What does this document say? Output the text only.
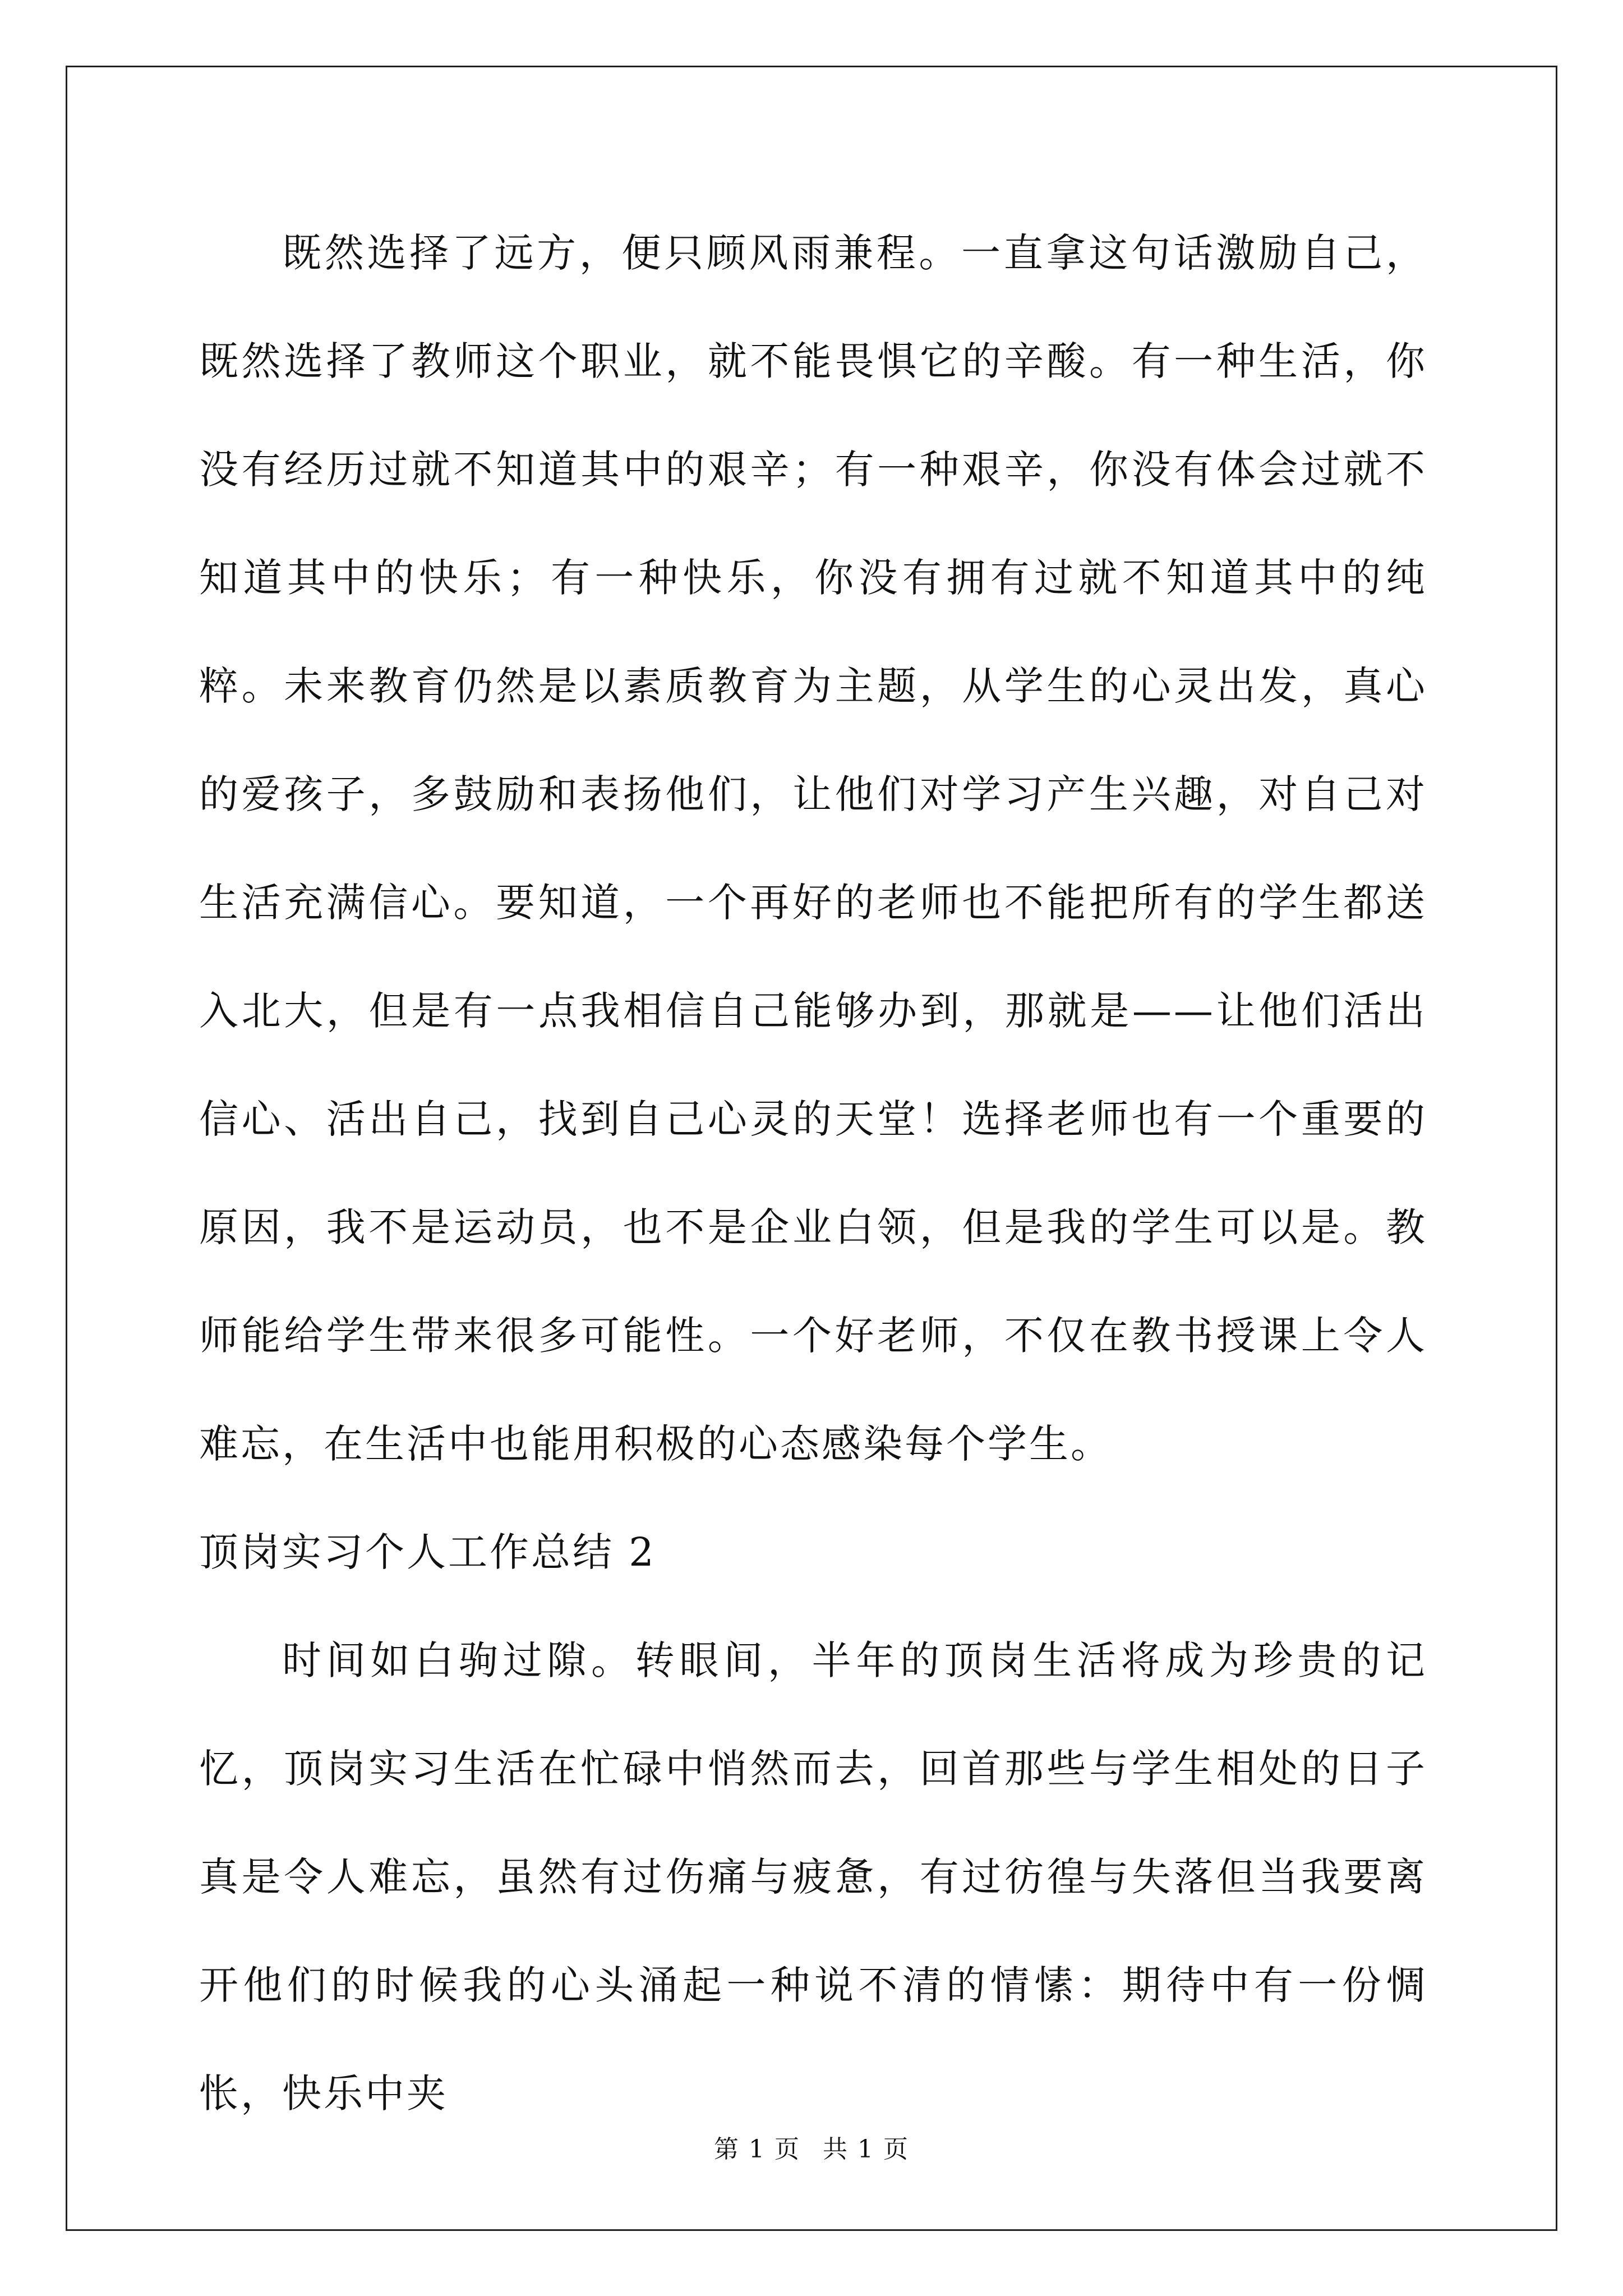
既然选择了远方，便只顾风雨兼程。一直拿这句话激励自己，既然选择了教师这个职业，就不能畏惧它的辛酸。有一种生活，你没有经历过就不知道其中的艰辛；有一种艰辛，你没有体会过就不知道其中的快乐；有一种快乐，你没有拥有过就不知道其中的纯粹。未来教育仍然是以素质教育为主题，从学生的心灵出发，真心的爱孩子，多鼓励和表扬他们，让他们对学习产生兴趣，对自己对生活充满信心。要知道，一个再好的老师也不能把所有的学生都送入北大，但是有一点我相信自己能够办到，那就是——让他们活出信心、活出自己，找到自己心灵的天堂！选择老师也有一个重要的原因，我不是运动员，也不是企业白领，但是我的学生可以是。教师能给学生带来很多可能性。一个好老师，不仅在教书授课上令人难忘，在生活中也能用积极的心态感染每个学生。

顶岗实习个人工作总结 2

时间如白驹过隙。转眼间，半年的顶岗生活将成为珍贵的记忆，顶岗实习生活在忙碌中悄然而去，回首那些与学生相处的日子真是令人难忘，虽然有过伤痛与疲惫，有过彷徨与失落但当我要离开他们的时候我的心头涌起一种说不清的情愫：期待中有一份惆怅，快乐中夹

第 1 页 共 1 页
